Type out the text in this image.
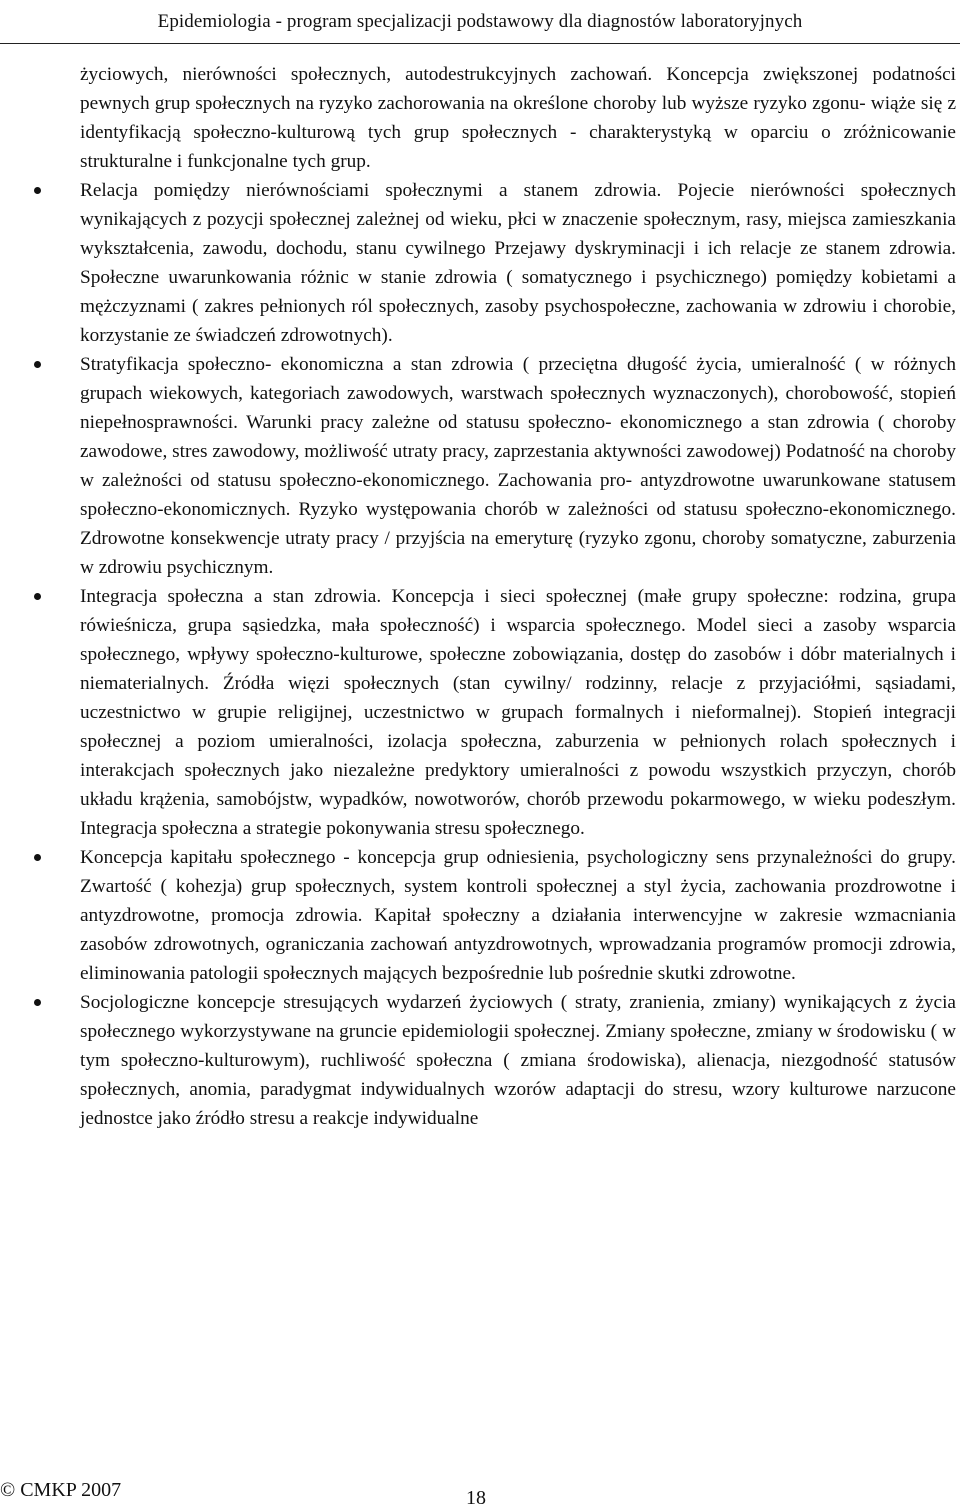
Epidemiologia - program specjalizacji podstawowy dla diagnostów laboratoryjnych

życiowych, nierówności społecznych, autodestrukcyjnych zachowań. Koncepcja zwiększonej podatności pewnych grup społecznych na ryzyko zachorowania na określone choroby lub wyższe ryzyko zgonu- wiąże się z identyfikacją społeczno-kulturową tych grup społecznych - charakterystyką w oparciu o zróżnicowanie strukturalne i funkcjonalne tych grup.

Relacja pomiędzy nierównościami społecznymi a stanem zdrowia. Pojecie nierówności społecznych wynikających z pozycji społecznej zależnej od wieku, płci w znaczenie społecznym, rasy, miejsca zamieszkania wykształcenia, zawodu, dochodu, stanu cywilnego Przejawy dyskryminacji i ich relacje ze stanem zdrowia. Społeczne uwarunkowania różnic w stanie zdrowia ( somatycznego i psychicznego) pomiędzy kobietami a mężczyznami ( zakres pełnionych ról społecznych, zasoby psychospołeczne, zachowania w zdrowiu i chorobie, korzystanie ze świadczeń zdrowotnych).
Stratyfikacja społeczno- ekonomiczna a stan zdrowia ( przeciętna długość życia, umieralność ( w różnych grupach wiekowych, kategoriach zawodowych, warstwach społecznych wyznaczonych), chorobowość, stopień niepełnosprawności. Warunki pracy zależne od statusu społeczno- ekonomicznego a stan zdrowia ( choroby zawodowe, stres zawodowy, możliwość utraty pracy, zaprzestania aktywności zawodowej) Podatność na choroby w zależności od statusu społeczno-ekonomicznego. Zachowania pro- antyzdrowotne uwarunkowane statusem społeczno-ekonomicznych. Ryzyko występowania chorób w zależności od statusu społeczno-ekonomicznego. Zdrowotne konsekwencje utraty pracy / przyjścia na emeryturę (ryzyko zgonu, choroby somatyczne, zaburzenia w zdrowiu psychicznym.
Integracja społeczna a stan zdrowia. Koncepcja i sieci społecznej (małe grupy społeczne: rodzina, grupa rówieśnicza, grupa sąsiedzka, mała społeczność) i wsparcia społecznego. Model sieci a zasoby wsparcia społecznego, wpływy społeczno-kulturowe, społeczne zobowiązania, dostęp do zasobów i dóbr materialnych i niematerialnych. Źródła więzi społecznych (stan cywilny/ rodzinny, relacje z przyjaciółmi, sąsiadami, uczestnictwo w grupie religijnej, uczestnictwo w grupach formalnych i nieformalnej). Stopień integracji społecznej a poziom umieralności, izolacja społeczna, zaburzenia w pełnionych rolach społecznych i interakcjach społecznych jako niezależne predyktory umieralności z powodu wszystkich przyczyn, chorób układu krążenia, samobójstw, wypadków, nowotworów, chorób przewodu pokarmowego, w wieku podeszłym. Integracja społeczna a strategie pokonywania stresu społecznego.
Koncepcja kapitału społecznego - koncepcja grup odniesienia, psychologiczny sens przynależności do grupy. Zwartość ( kohezja) grup społecznych, system kontroli społecznej a styl życia, zachowania prozdrowotne i antyzdrowotne, promocja zdrowia. Kapitał społeczny a działania interwencyjne w zakresie wzmacniania zasobów zdrowotnych, ograniczania zachowań antyzdrowotnych, wprowadzania programów promocji zdrowia, eliminowania patologii społecznych mających bezpośrednie lub pośrednie skutki zdrowotne.
Socjologiczne koncepcje stresujących wydarzeń życiowych ( straty, zranienia, zmiany) wynikających z życia społecznego wykorzystywane na gruncie epidemiologii społecznej. Zmiany społeczne, zmiany w środowisku ( w tym społeczno-kulturowym), ruchliwość społeczna ( zmiana środowiska), alienacja, niezgodność statusów społecznych, anomia, paradygmat indywidualnych wzorów adaptacji do stresu, wzory kulturowe narzucone jednostce jako źródło stresu a reakcje indywidualne
© CMKP 2007	18
